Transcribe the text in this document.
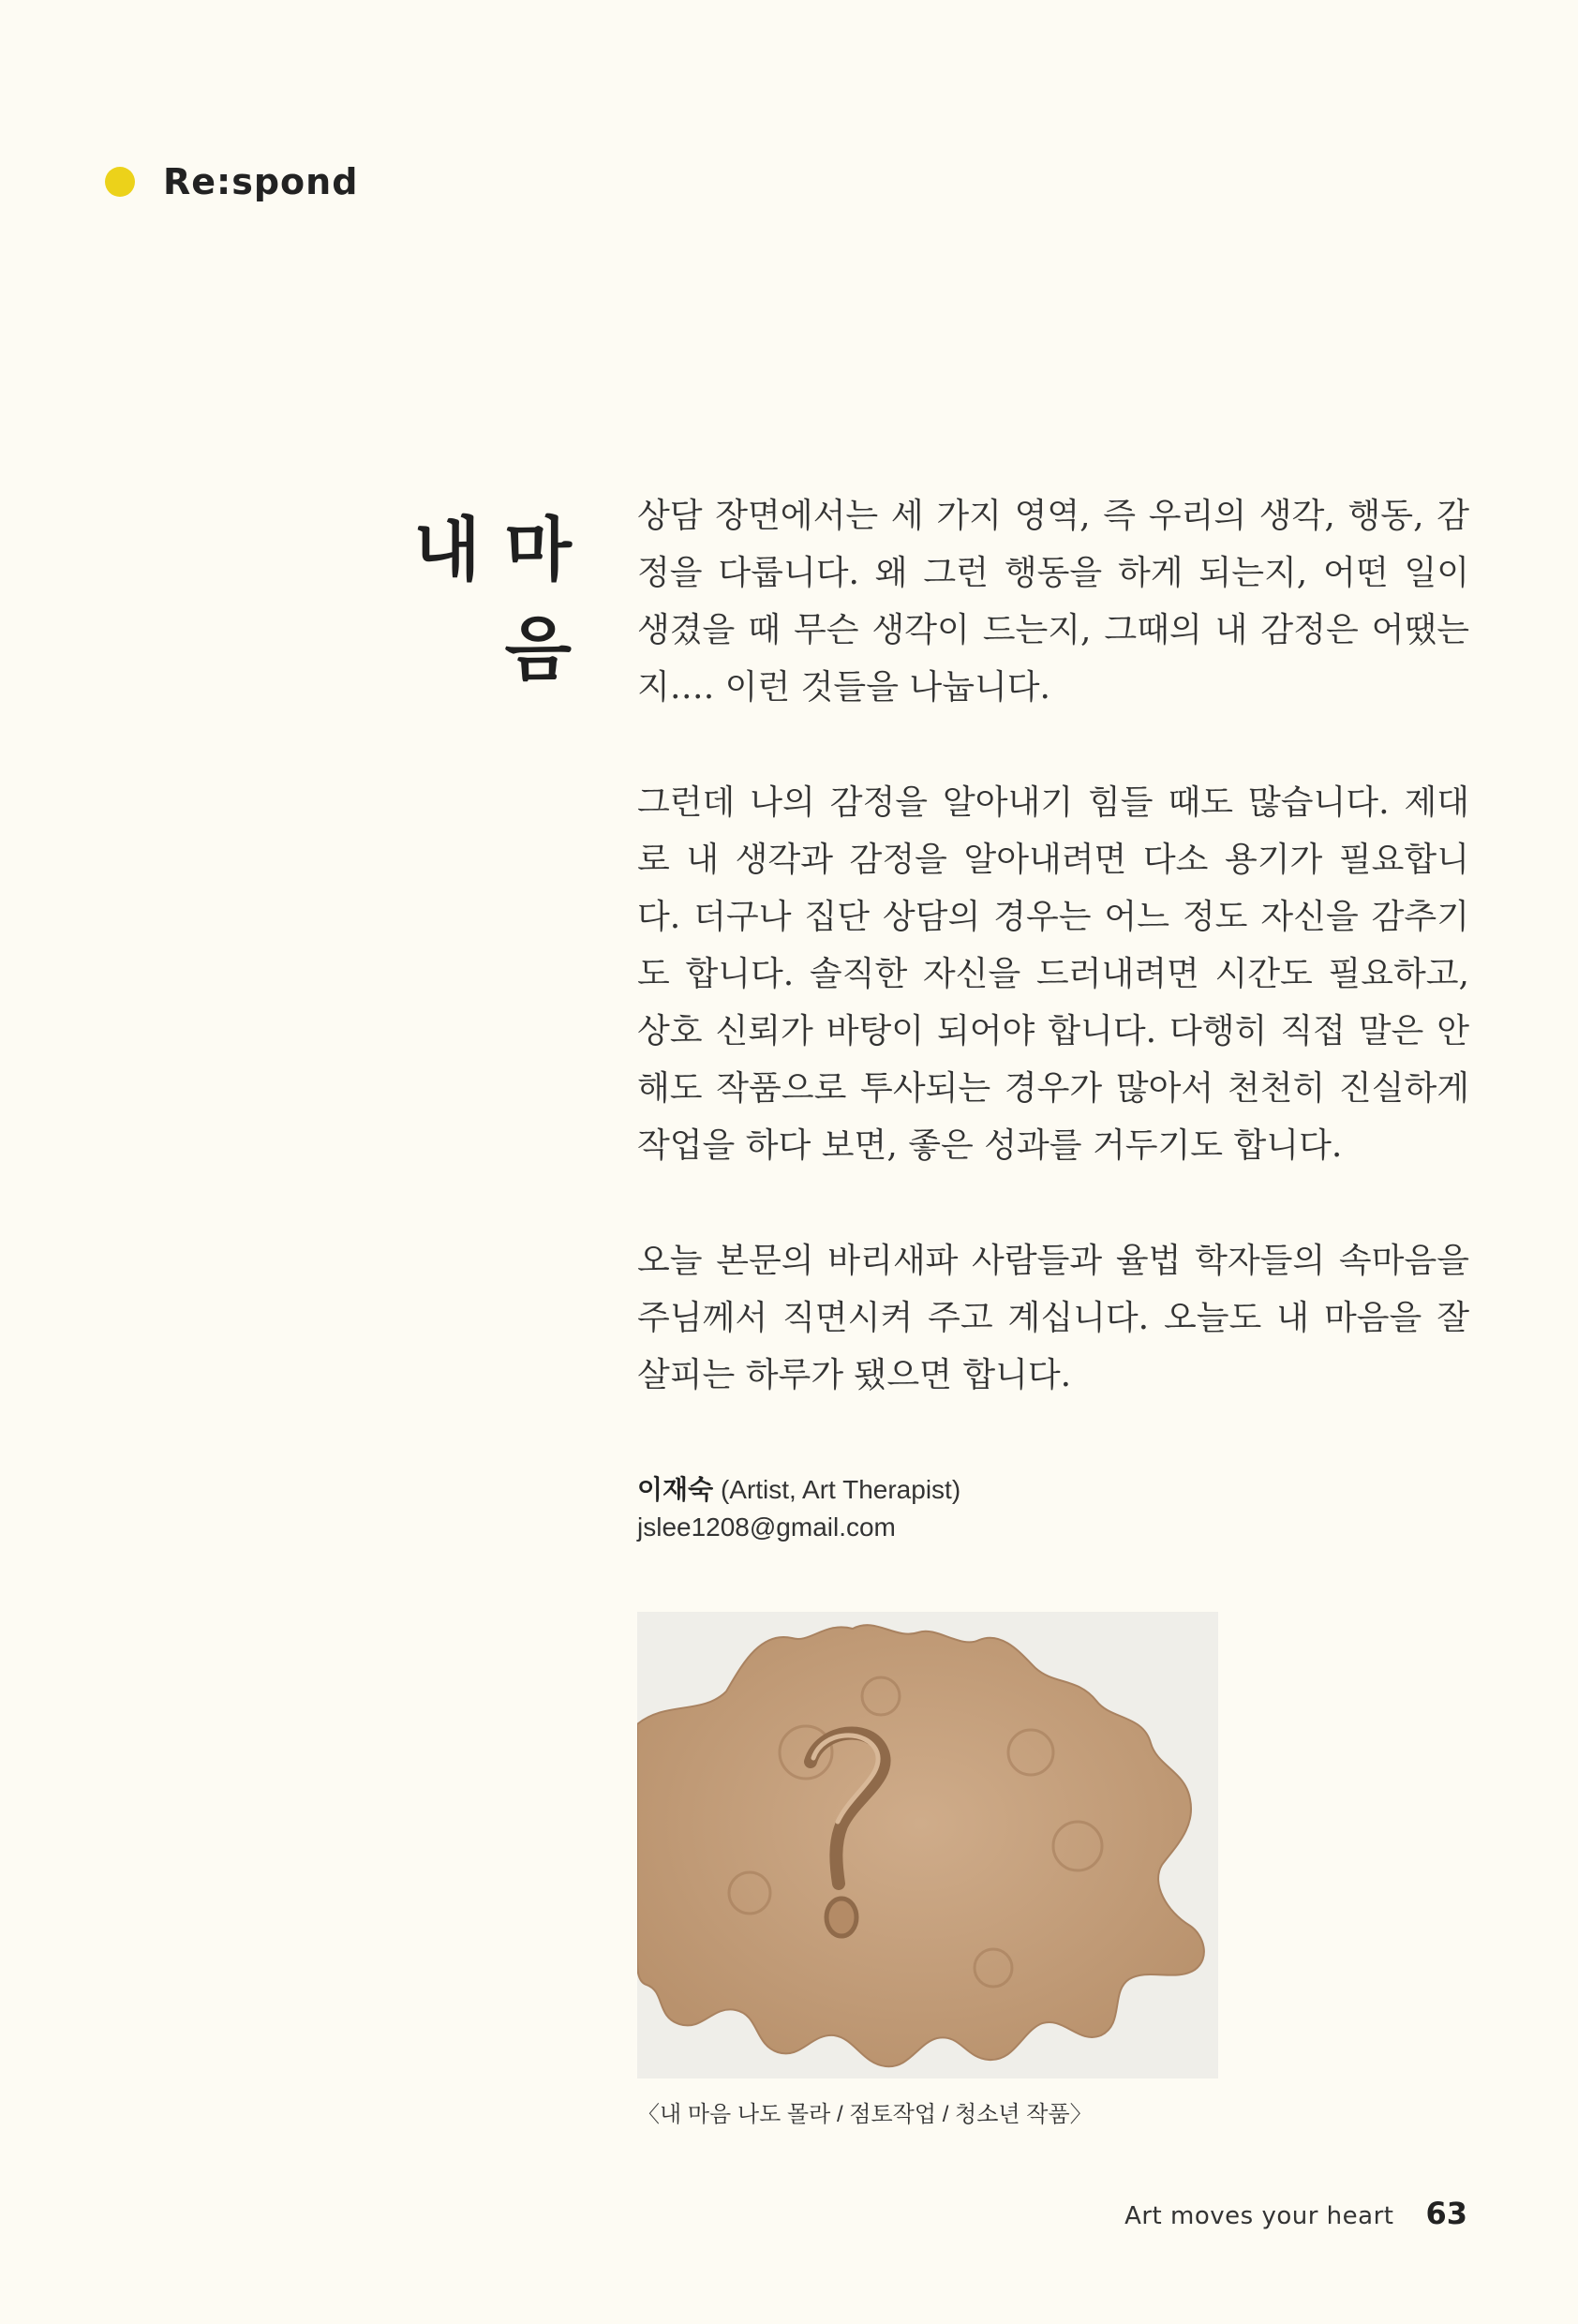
Re:spond
내 마음

상담 장면에서는 세 가지 영역, 즉 우리의 생각, 행동, 감정을 다룹니다. 왜 그런 행동을 하게 되는지, 어떤 일이 생겼을 때 무슨 생각이 드는지, 그때의 내 감정은 어땠는지…. 이런 것들을 나눕니다.

그런데 나의 감정을 알아내기 힘들 때도 많습니다. 제대로 내 생각과 감정을 알아내려면 다소 용기가 필요합니다. 더구나 집단 상담의 경우는 어느 정도 자신을 감추기도 합니다. 솔직한 자신을 드러내려면 시간도 필요하고, 상호 신뢰가 바탕이 되어야 합니다. 다행히 직접 말은 안 해도 작품으로 투사되는 경우가 많아서 천천히 진실하게 작업을 하다 보면, 좋은 성과를 거두기도 합니다.

오늘 본문의 바리새파 사람들과 율법 학자들의 속마음을 주님께서 직면시켜 주고 계십니다. 오늘도 내 마음을 잘 살피는 하루가 됐으면 합니다.

이재숙 (Artist, Art Therapist)
jslee1208@gmail.com
〈내 마음 나도 몰라 / 점토작업 / 청소년 작품〉
Art moves your heart 63
